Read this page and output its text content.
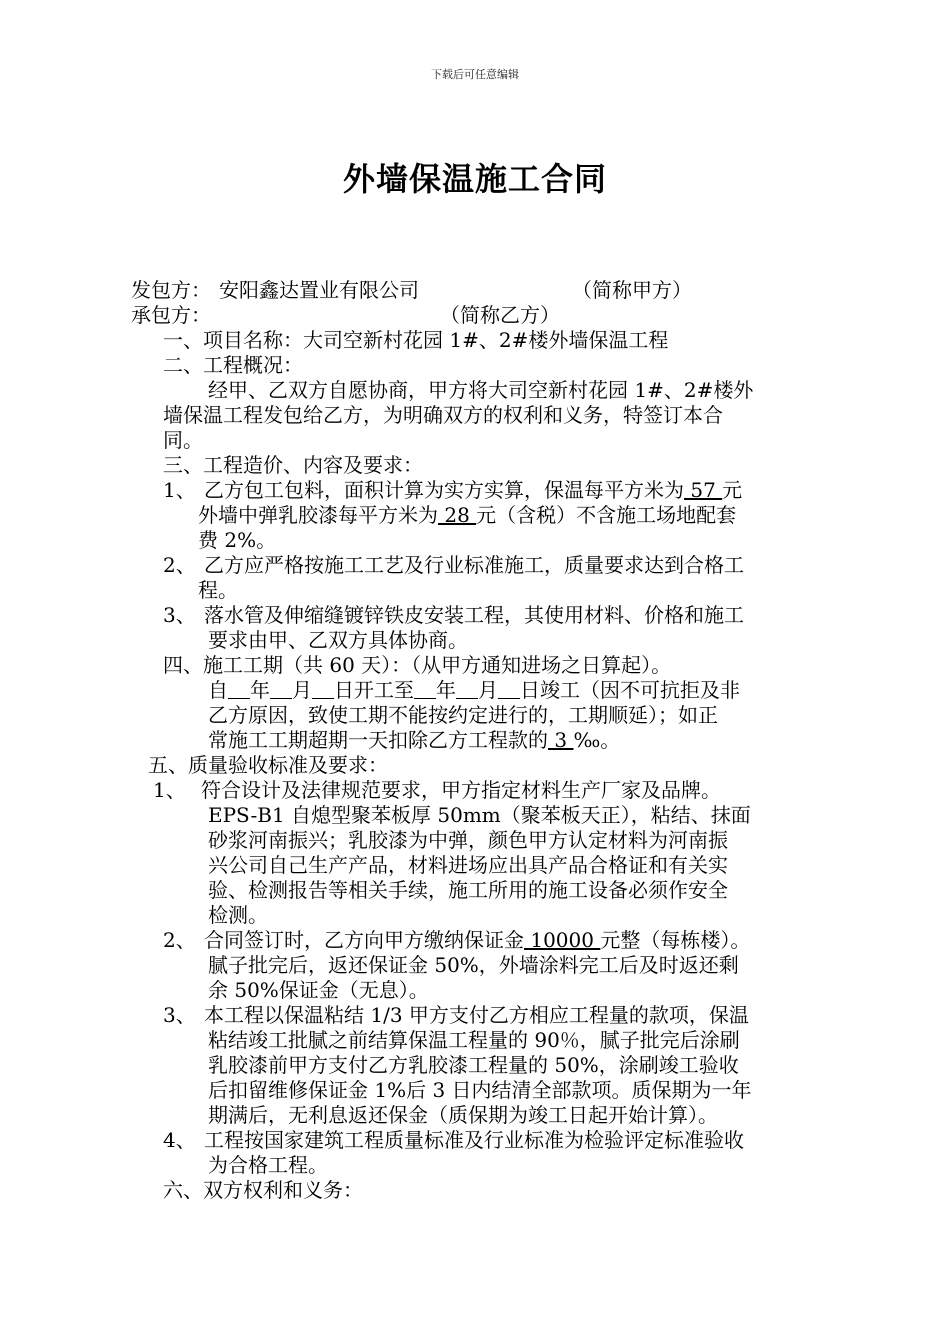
下载后可任意编辑
外墙保温施工合同
发包方： 安阳鑫达置业有限公司	（简称甲方）
承包方：	（简称乙方）
一、项目名称：大司空新村花园 1#、2#楼外墙保温工程
二、工程概况：
经甲、乙双方自愿协商，甲方将大司空新村花园 1#、2#楼外
墙保温工程发包给乙方，为明确双方的权利和义务，特签订本合
同。
三、工程造价、内容及要求：
1、 乙方包工包料，面积计算为实方实算，保温每平方米为 57 元
外墙中弹乳胶漆每平方米为 28 元（含税）不含施工场地配套
费 2%。
2、 乙方应严格按施工工艺及行业标准施工，质量要求达到合格工
程。
3、 落水管及伸缩缝镀锌铁皮安装工程，其使用材料、价格和施工
要求由甲、乙双方具体协商。
四、施工工期（共 60 天）：（从甲方通知进场之日算起）。
自 年 月 日开工至 年 月 日竣工（因不可抗拒及非
乙方原因，致使工期不能按约定进行的，工期顺延）；如正
常施工工期超期一天扣除乙方工程款的 3 ‰。
五、质量验收标准及要求：
1、 符合设计及法律规范要求，甲方指定材料生产厂家及品牌。
EPS-B1 自熄型聚苯板厚 50mm（聚苯板天正），粘结、抹面
砂浆河南振兴；乳胶漆为中弹，颜色甲方认定材料为河南振
兴公司自己生产产品，材料进场应出具产品合格证和有关实
验、检测报告等相关手续，施工所用的施工设备必须作安全
检测。
2、 合同签订时，乙方向甲方缴纳保证金 10000 元整（每栋楼）。
腻子批完后，返还保证金 50%，外墙涂料完工后及时返还剩
余 50%保证金（无息）。
3、 本工程以保温粘结 1/3 甲方支付乙方相应工程量的款项，保温
粘结竣工批腻之前结算保温工程量的 90％，腻子批完后涂刷
乳胶漆前甲方支付乙方乳胶漆工程量的 50%，涂刷竣工验收
后扣留维修保证金 1%后 3 日内结清全部款项。质保期为一年
期满后，无利息返还保金（质保期为竣工日起开始计算）。
4、 工程按国家建筑工程质量标准及行业标准为检验评定标准验收
为合格工程。
六、双方权利和义务：
